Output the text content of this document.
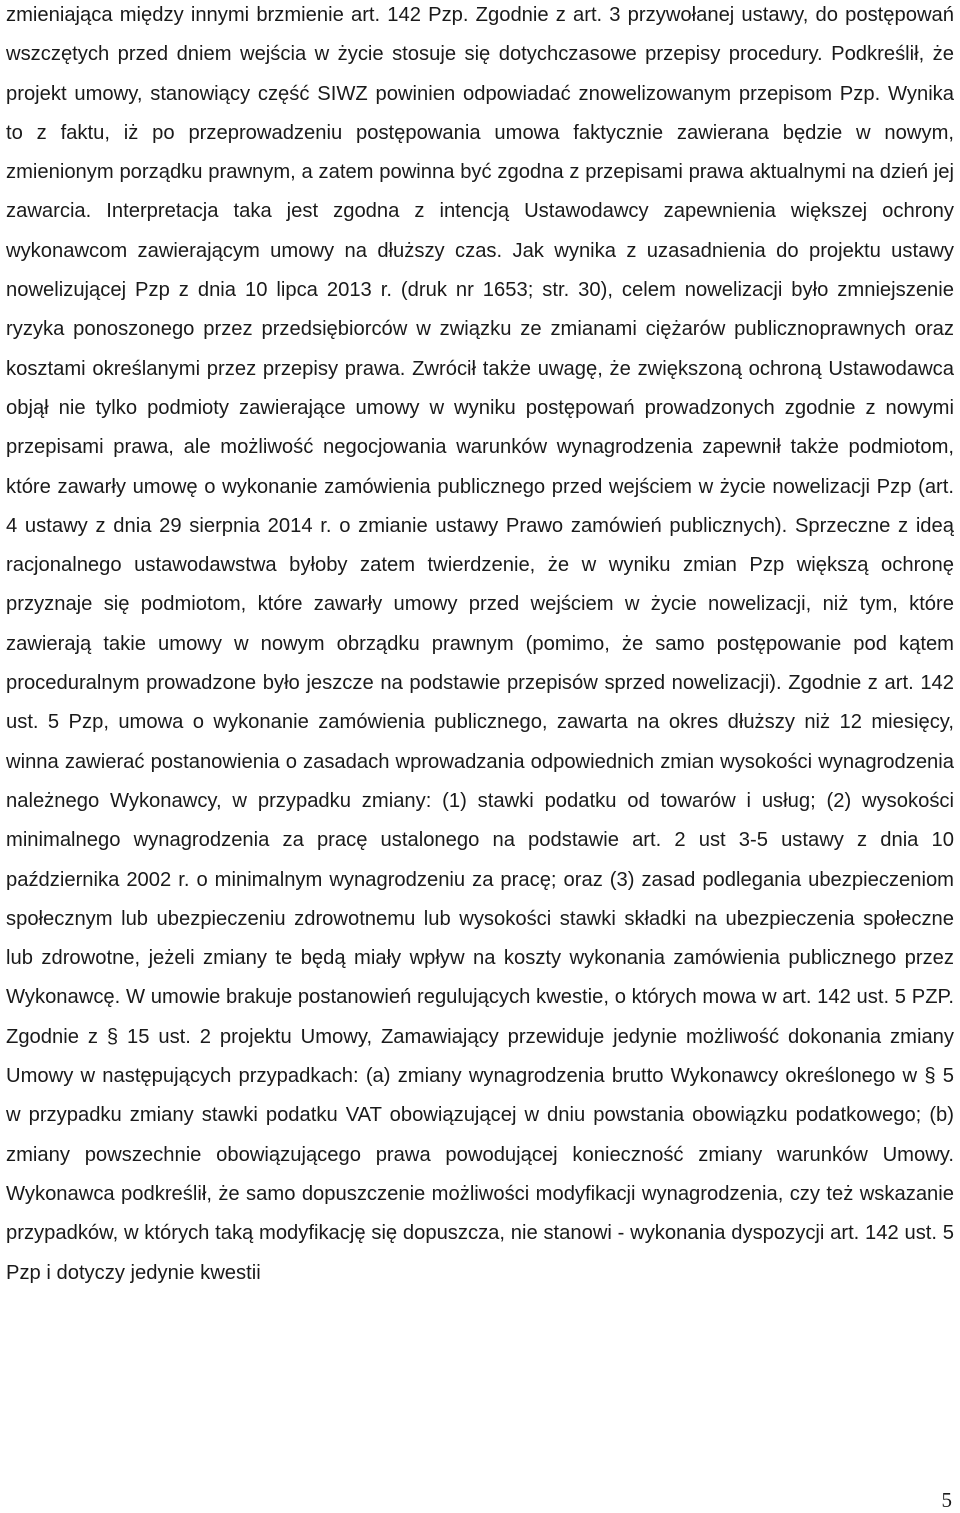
zmieniająca między innymi brzmienie art. 142 Pzp. Zgodnie z art. 3 przywołanej ustawy, do postępowań wszczętych przed dniem wejścia w życie stosuje się dotychczasowe przepisy procedury. Podkreślił, że projekt umowy, stanowiący część SIWZ powinien odpowiadać znowelizowanym przepisom Pzp. Wynika to z faktu, iż po przeprowadzeniu postępowania umowa faktycznie zawierana będzie w nowym, zmienionym porządku prawnym, a zatem powinna być zgodna z przepisami prawa aktualnymi na dzień jej zawarcia. Interpretacja taka jest zgodna z intencją Ustawodawcy zapewnienia większej ochrony wykonawcom zawierającym umowy na dłuższy czas. Jak wynika z uzasadnienia do projektu ustawy nowelizującej Pzp z dnia 10 lipca 2013 r. (druk nr 1653; str. 30), celem nowelizacji było zmniejszenie ryzyka ponoszonego przez przedsiębiorców w związku ze zmianami ciężarów publicznoprawnych oraz kosztami określanymi przez przepisy prawa. Zwrócił także uwagę, że zwiększoną ochroną Ustawodawca objął nie tylko podmioty zawierające umowy w wyniku postępowań prowadzonych zgodnie z nowymi przepisami prawa, ale możliwość negocjowania warunków wynagrodzenia zapewnił także podmiotom, które zawarły umowę o wykonanie zamówienia publicznego przed wejściem w życie nowelizacji Pzp (art. 4 ustawy z dnia 29 sierpnia 2014 r. o zmianie ustawy Prawo zamówień publicznych). Sprzeczne z ideą racjonalnego ustawodawstwa byłoby zatem twierdzenie, że w wyniku zmian Pzp większą ochronę przyznaje się podmiotom, które zawarły umowy przed wejściem w życie nowelizacji, niż tym, które zawierają takie umowy w nowym obrządku prawnym (pomimo, że samo postępowanie pod kątem proceduralnym prowadzone było jeszcze na podstawie przepisów sprzed nowelizacji). Zgodnie z art. 142 ust. 5 Pzp, umowa o wykonanie zamówienia publicznego, zawarta na okres dłuższy niż 12 miesięcy, winna zawierać postanowienia o zasadach wprowadzania odpowiednich zmian wysokości wynagrodzenia należnego Wykonawcy, w przypadku zmiany: (1) stawki podatku od towarów i usług; (2) wysokości minimalnego wynagrodzenia za pracę ustalonego na podstawie art. 2 ust 3-5 ustawy z dnia 10 października 2002 r. o minimalnym wynagrodzeniu za pracę; oraz (3) zasad podlegania ubezpieczeniom społecznym lub ubezpieczeniu zdrowotnemu lub wysokości stawki składki na ubezpieczenia społeczne lub zdrowotne, jeżeli zmiany te będą miały wpływ na koszty wykonania zamówienia publicznego przez Wykonawcę. W umowie brakuje postanowień regulujących kwestie, o których mowa w art. 142 ust. 5 PZP. Zgodnie z § 15 ust. 2 projektu Umowy, Zamawiający przewiduje jedynie możliwość dokonania zmiany Umowy w następujących przypadkach: (a) zmiany wynagrodzenia brutto Wykonawcy określonego w § 5 w przypadku zmiany stawki podatku VAT obowiązującej w dniu powstania obowiązku podatkowego; (b) zmiany powszechnie obowiązującego prawa powodującej konieczność zmiany warunków Umowy. Wykonawca podkreślił, że samo dopuszczenie możliwości modyfikacji wynagrodzenia, czy też wskazanie przypadków, w których taką modyfikację się dopuszcza, nie stanowi - wykonania dyspozycji art. 142 ust. 5 Pzp i dotyczy jedynie kwestii

5
